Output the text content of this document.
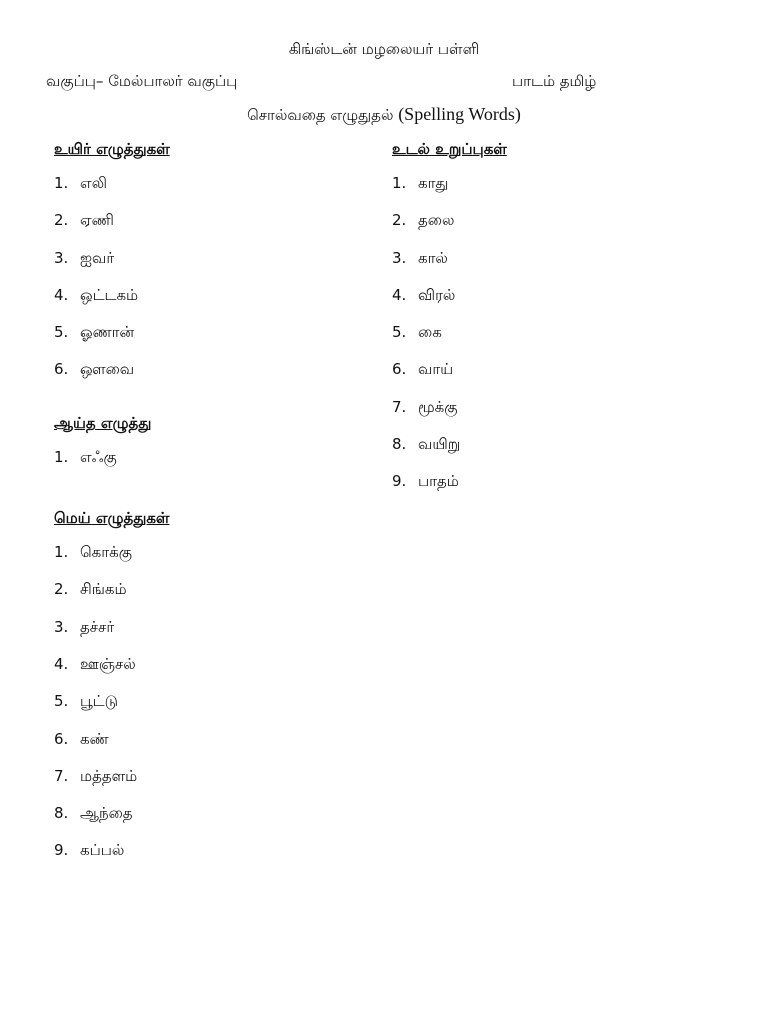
கிங்ஸ்டன் மழலையர் பள்ளி
வகுப்பு– மேல்பாலர் வகுப்பு	பாடம் தமிழ்
சொல்வதை எழுதுதல் (Spelling Words)
உயிர் எழுத்துகள்
1. எலி
2. ஏணி
3. ஐவர்
4. ஒட்டகம்
5. ஓணான்
6. ஔவை
ஆய்த எழுத்து
1. எஃகு
மெய் எழுத்துகள்
1. கொக்கு
2. சிங்கம்
3. தச்சர்
4. ஊஞ்சல்
5. பூட்டு
6. கண்
7. மத்தளம்
8. ஆந்தை
9. கப்பல்
உடல் உறுப்புகள்
1. காது
2. தலை
3. கால்
4. விரல்
5. கை
6. வாய்
7. மூக்கு
8. வயிறு
9. பாதம்
